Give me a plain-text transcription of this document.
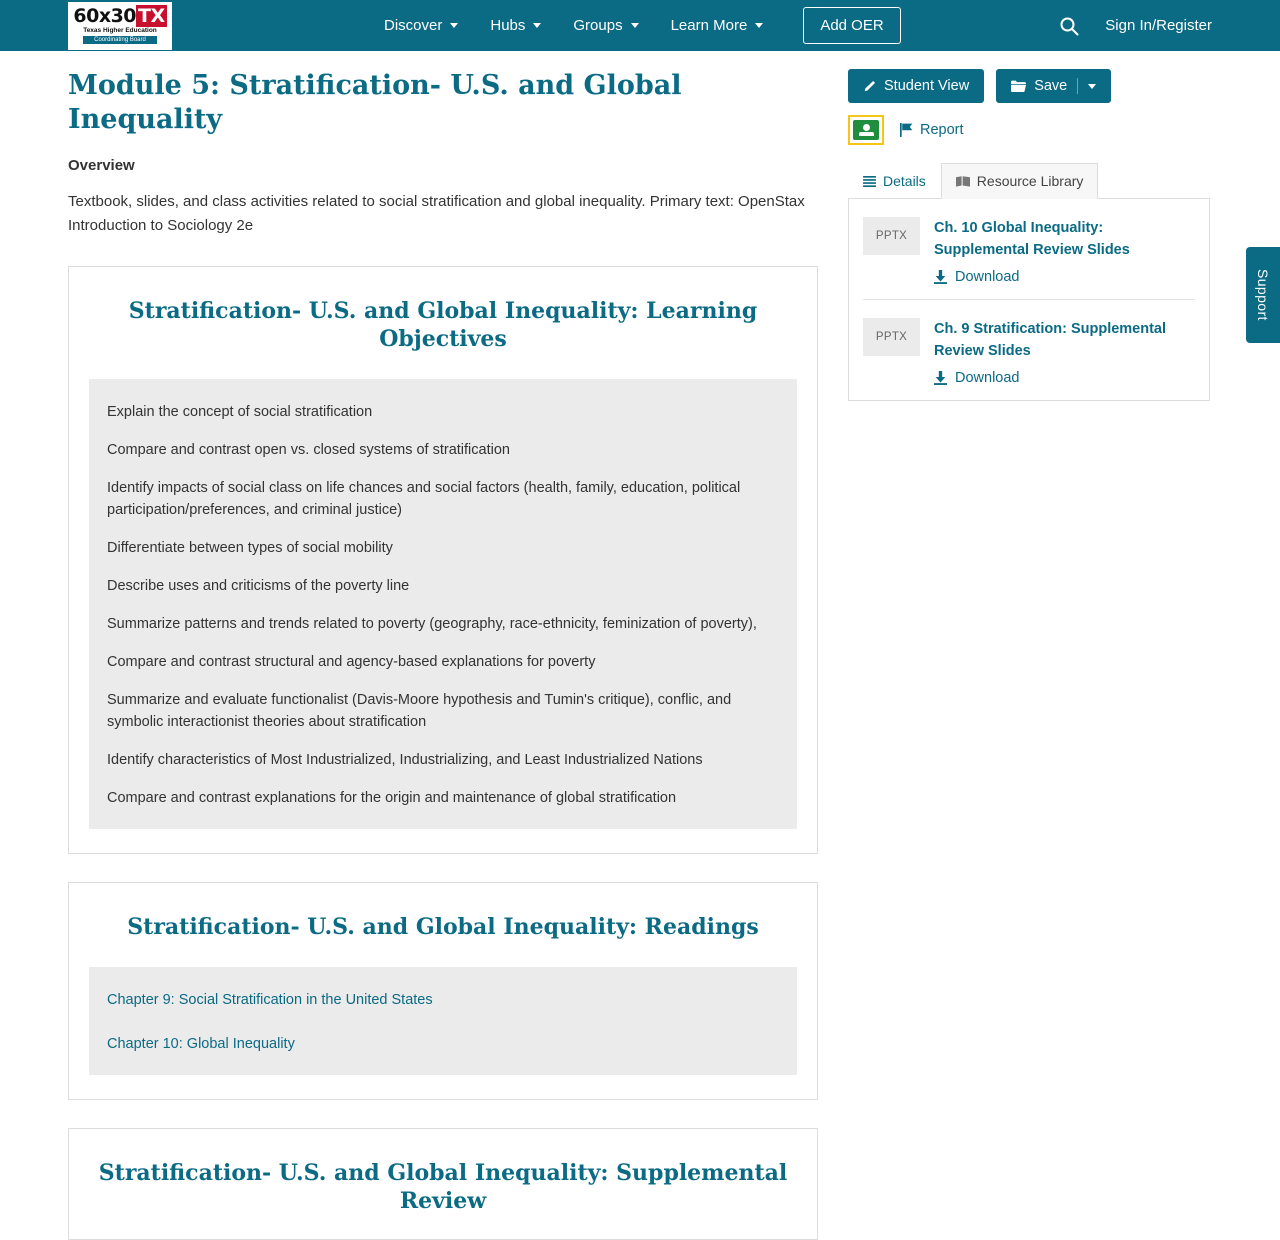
60x30 TX
Texas Higher Education
Coordinating Board
Discover	Hubs	Groups	Learn More	Add OER	Sign In/Register
Support
Module 5: Stratification- U.S. and Global Inequality

Overview

Textbook, slides, and class activities related to social stratification and global inequality. Primary text: OpenStax Introduction to Sociology 2e

Stratification- U.S. and Global Inequality: Learning Objectives
Explain the concept of social stratification
Compare and contrast open vs. closed systems of stratification
Identify impacts of social class on life chances and social factors (health, family, education, political participation/preferences, and criminal justice)
Differentiate between types of social mobility
Describe uses and criticisms of the poverty line
Summarize patterns and trends related to poverty (geography, race-ethnicity, feminization of poverty),
Compare and contrast structural and agency-based explanations for poverty
Summarize and evaluate functionalist (Davis-Moore hypothesis and Tumin's critique), conflic, and symbolic interactionist theories about stratification
Identify characteristics of Most Industrialized, Industrializing, and Least Industrialized Nations
Compare and contrast explanations for the origin and maintenance of global stratification
Stratification- U.S. and Global Inequality: Readings
Chapter 9: Social Stratification in the United States
Chapter 10: Global Inequality
Stratification- U.S. and Global Inequality: Supplemental Review
Student View	Save
Report
Details	Resource Library
PPTX	Ch. 10 Global Inequality: Supplemental Review Slides
Download
PPTX	Ch. 9 Stratification: Supplemental Review Slides
Download
